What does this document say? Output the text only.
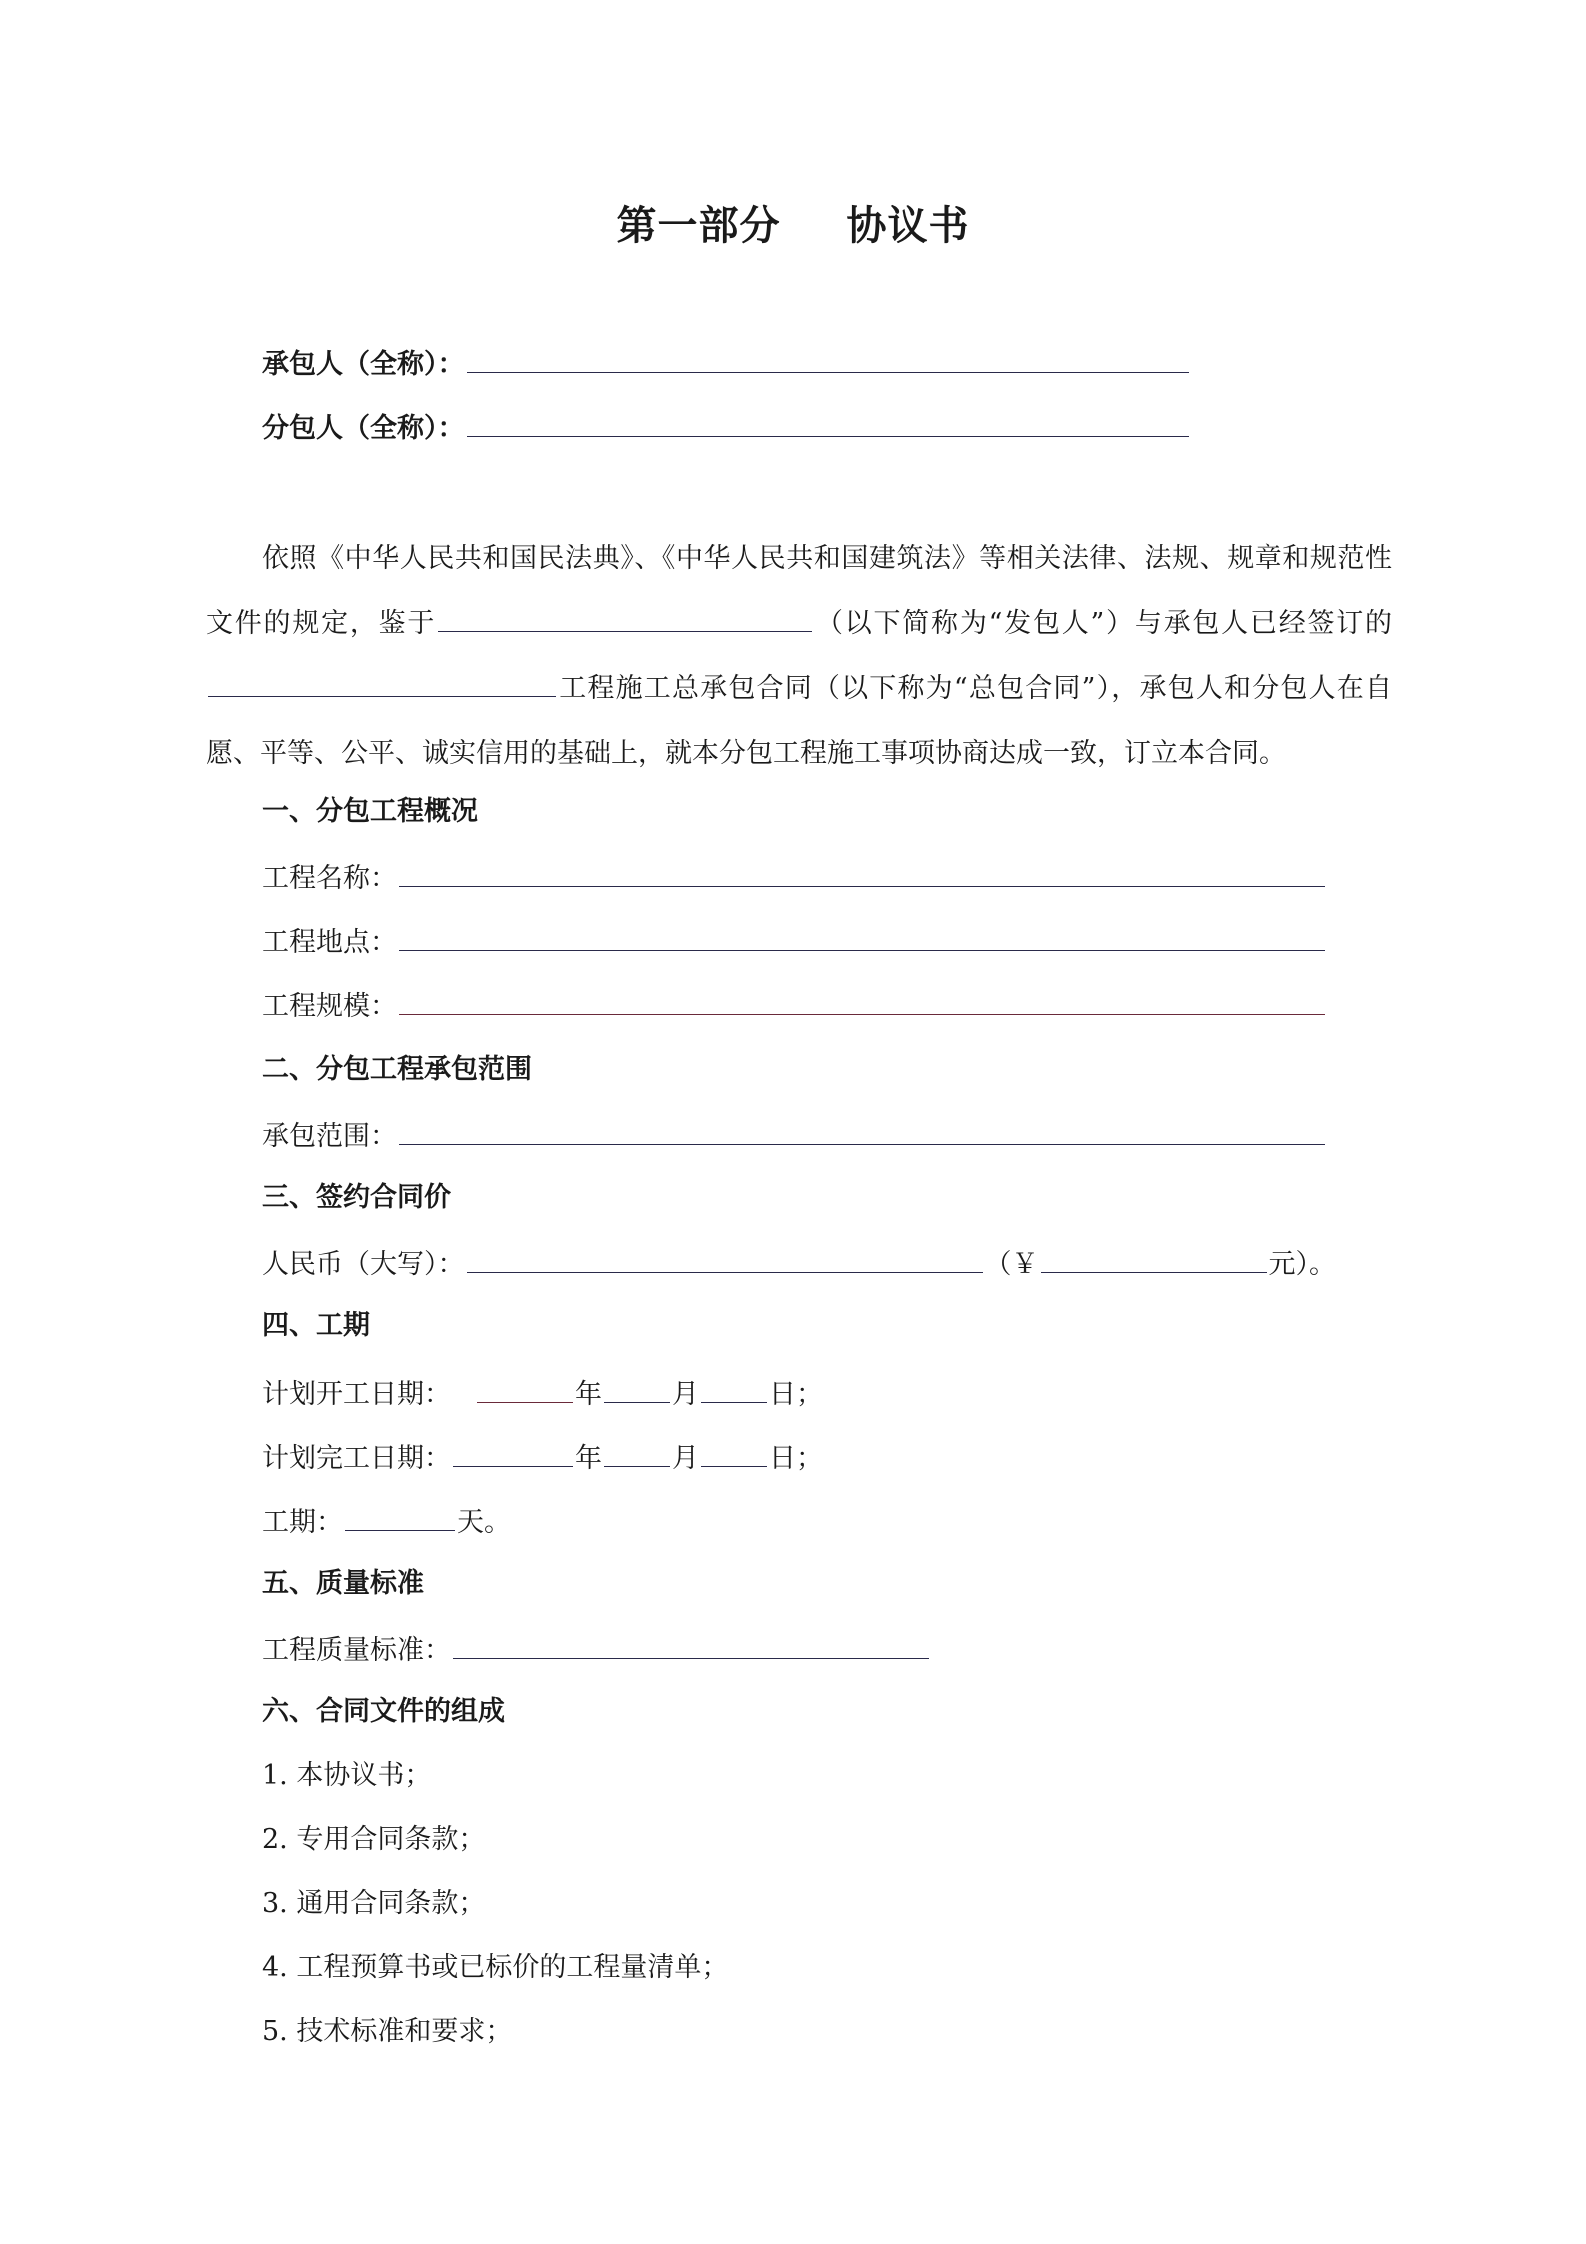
第一部分 协议书
承包人（全称）：
分包人（全称）：
依照《中华人民共和国民法典》、《中华人民共和国建筑法》等相关法律、法规、规章和规范性文件的规定，鉴于	（以下简称为“发包人”）与承包人已经签订的工程施工总承包合同（以下称为“总包合同”），承包人和分包人在自愿、平等、公平、诚实信用的基础上，就本分包工程施工事项协商达成一致，订立本合同。
一、分包工程概况
工程名称：
工程地点：
工程规模：
二、分包工程承包范围
承包范围：
三、签约合同价
人民币（大写）：	（￥	元）。
四、工期
计划开工日期：	年	月	日；
计划完工日期：	年	月	日；
工期：	天。
五、质量标准
工程质量标准：
六、合同文件的组成
1. 本协议书；
2. 专用合同条款；
3. 通用合同条款；
4. 工程预算书或已标价的工程量清单；
5. 技术标准和要求；
